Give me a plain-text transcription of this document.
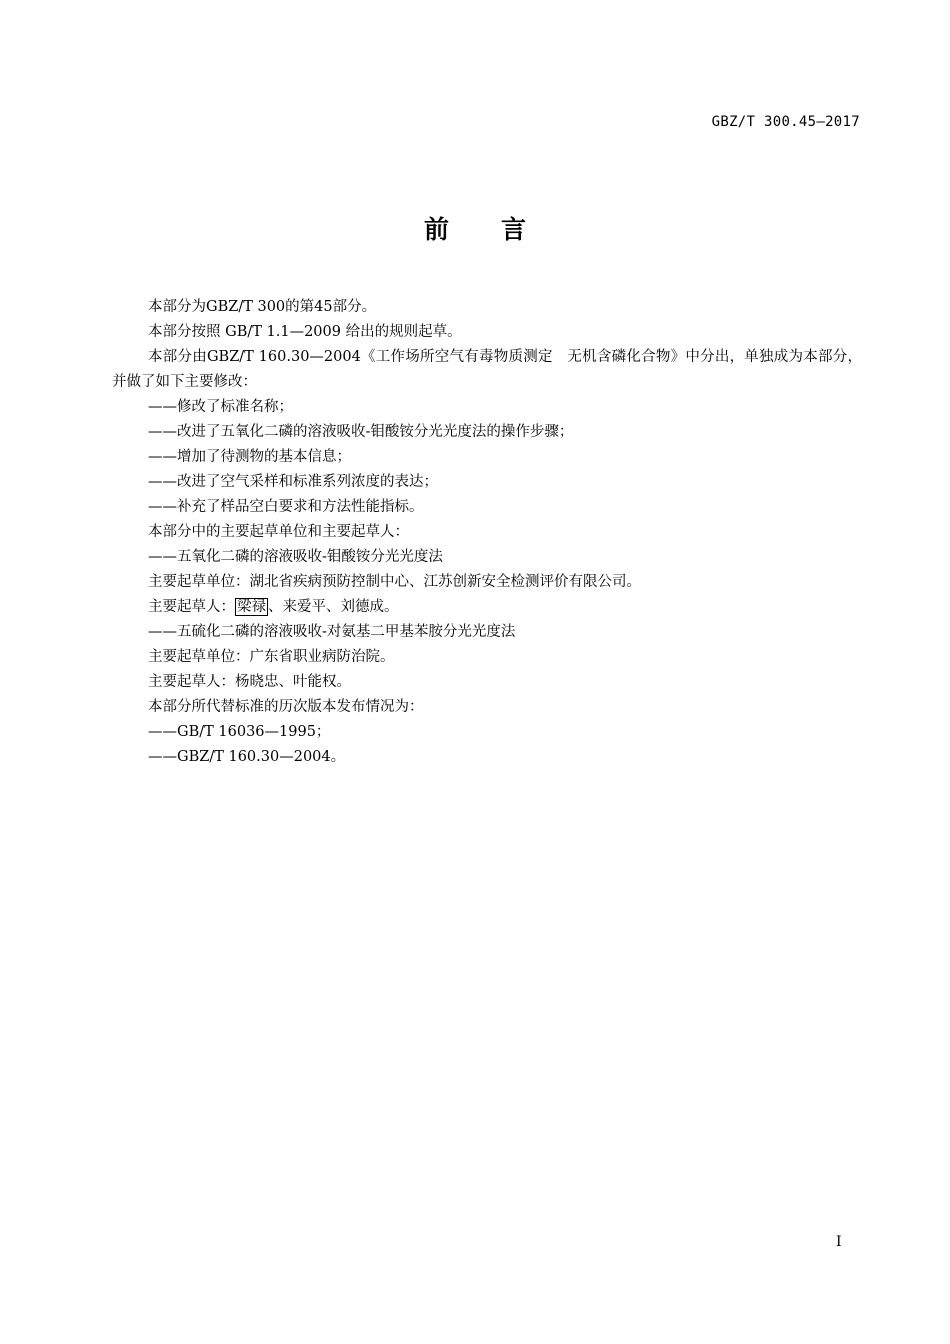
GBZ/T 300.45—2017
前 言

本部分为GBZ/T 300的第45部分。

本部分按照 GB/T 1.1—2009 给出的规则起草。

本部分由GBZ/T 160.30—2004《工作场所空气有毒物质测定　无机含磷化合物》中分出，单独成为本部分，并做了如下主要修改：

——修改了标准名称；

——改进了五氧化二磷的溶液吸收-钼酸铵分光光度法的操作步骤；

——增加了待测物的基本信息；

——改进了空气采样和标准系列浓度的表达；

——补充了样品空白要求和方法性能指标。

本部分中的主要起草单位和主要起草人：

——五氧化二磷的溶液吸收-钼酸铵分光光度法

主要起草单位：湖北省疾病预防控制中心、江苏创新安全检测评价有限公司。

主要起草人： 梁禄 、来爱平、刘德成。

——五硫化二磷的溶液吸收-对氨基二甲基苯胺分光光度法

主要起草单位：广东省职业病防治院。

主要起草人：杨晓忠、叶能权。

本部分所代替标准的历次版本发布情况为：

——GB/T 16036—1995；

——GBZ/T 160.30—2004。

I
